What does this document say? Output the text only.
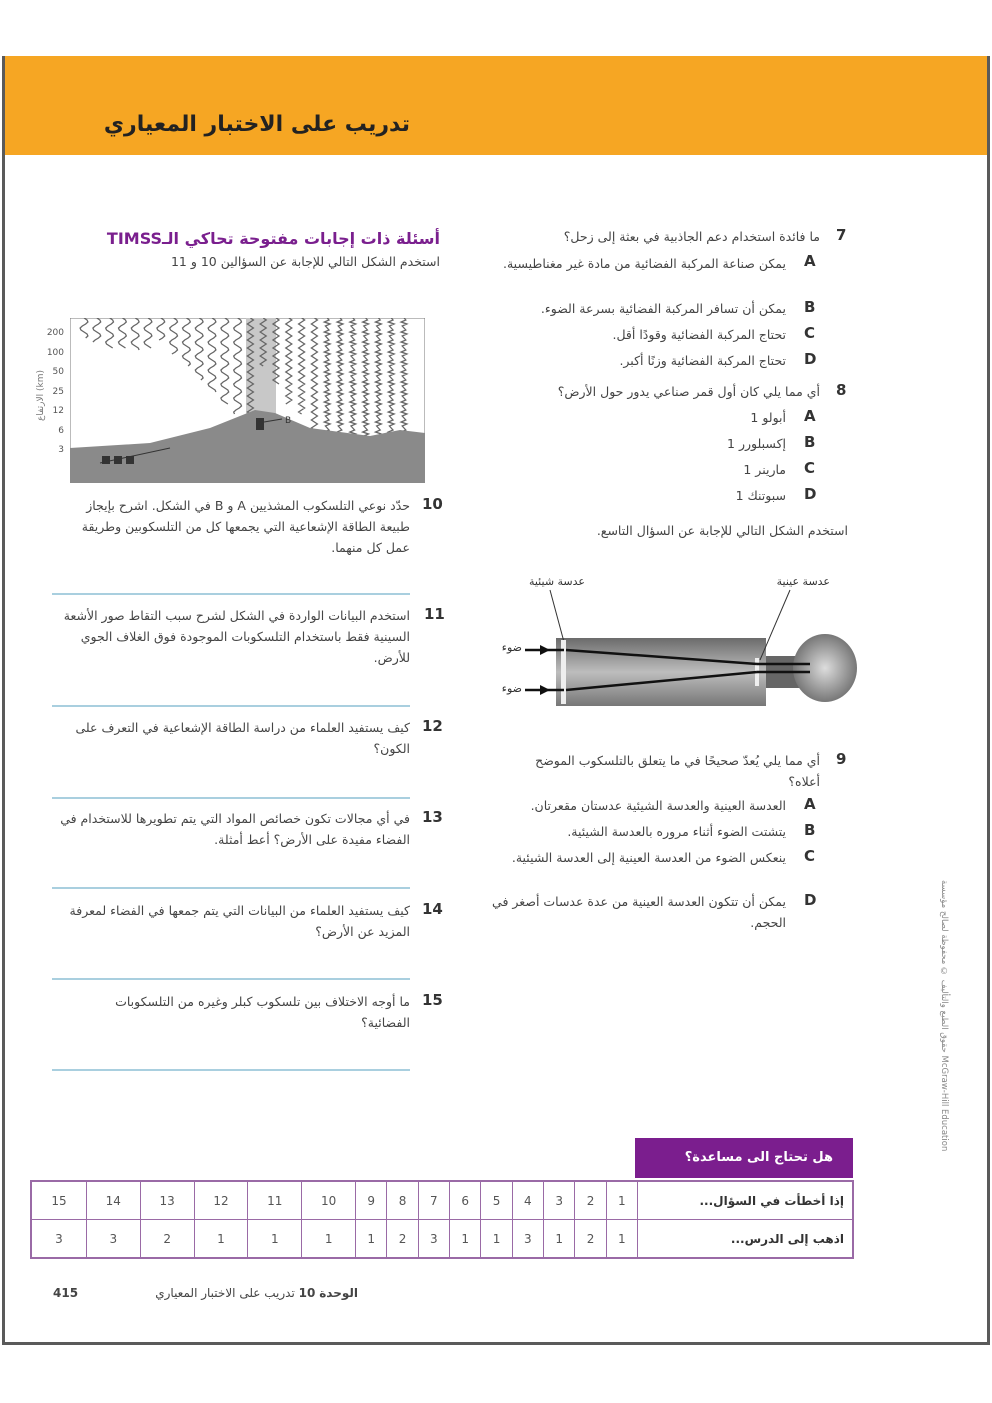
تدريب على الاختبار المعياري
7
ما فائدة استخدام دعم الجاذبية في بعثة إلى زحل؟
A
يمكن صناعة المركبة الفضائية من مادة غير مغناطيسية.
B
يمكن أن تسافر المركبة الفضائية بسرعة الضوء.
C
تحتاج المركبة الفضائية وقودًا أقل.
D
تحتاج المركبة الفضائية وزنًا أكبر.
8
أي مما يلي كان أول قمر صناعي يدور حول الأرض؟
A
أبولو 1
B
إكسبلورر 1
C
مارينر 1
D
سبوتنك 1
استخدم الشكل التالي للإجابة عن السؤال التاسع.
عدسة شيئية	عدسة عينية
ضوء
ضوء
9
أي مما يلي يُعدّ صحيحًا في ما يتعلق بالتلسكوب الموضح أعلاه؟
A
العدسة العينية والعدسة الشيئية عدستان مقعرتان.
B
يتشتت الضوء أثناء مروره بالعدسة الشيئية.
C
ينعكس الضوء من العدسة العينية إلى العدسة الشيئية.
D
يمكن أن تتكون العدسة العينية من عدة عدسات أصغر في الحجم.
أسئلة ذات إجابات مفتوحة تحاكي الـTIMSS
استخدم الشكل التالي للإجابة عن السؤالين 10 و 11
الارتفاع (km)
200
100
50
25
12
6
3
B
10
حدّد نوعي التلسكوب المشذيين A و B في الشكل. اشرح بإيجاز طبيعة الطاقة الإشعاعية التي يجمعها كل من التلسكوبين وطريقة عمل كل منهما.
11
استخدم البيانات الواردة في الشكل لشرح سبب التقاط صور الأشعة السينية فقط باستخدام التلسكوبات الموجودة فوق الغلاف الجوي للأرض.
12
كيف يستفيد العلماء من دراسة الطاقة الإشعاعية في التعرف على الكون؟
13
في أي مجالات تكون خصائص المواد التي يتم تطويرها للاستخدام في الفضاء مفيدة على الأرض؟ أعط أمثلة.
14
كيف يستفيد العلماء من البيانات التي يتم جمعها في الفضاء لمعرفة المزيد عن الأرض؟
15
ما أوجه الاختلاف بين تلسكوب كبلر وغيره من التلسكوبات الفضائية؟
هل تحتاج الى مساعدة؟
إذا أخطأت في السؤال...	1	2	3	4	5	6	7	8	9	10	11	12	13	14	15
اذهب إلى الدرس...	1	2	1	3	1	1	3	2	1	1	1	1	2	3	3
415	الوحدة 10 تدريب على الاختبار المعياري
حقوق الطبع والتأليف © محفوظة لصالح مؤسسة McGraw-Hill Education
